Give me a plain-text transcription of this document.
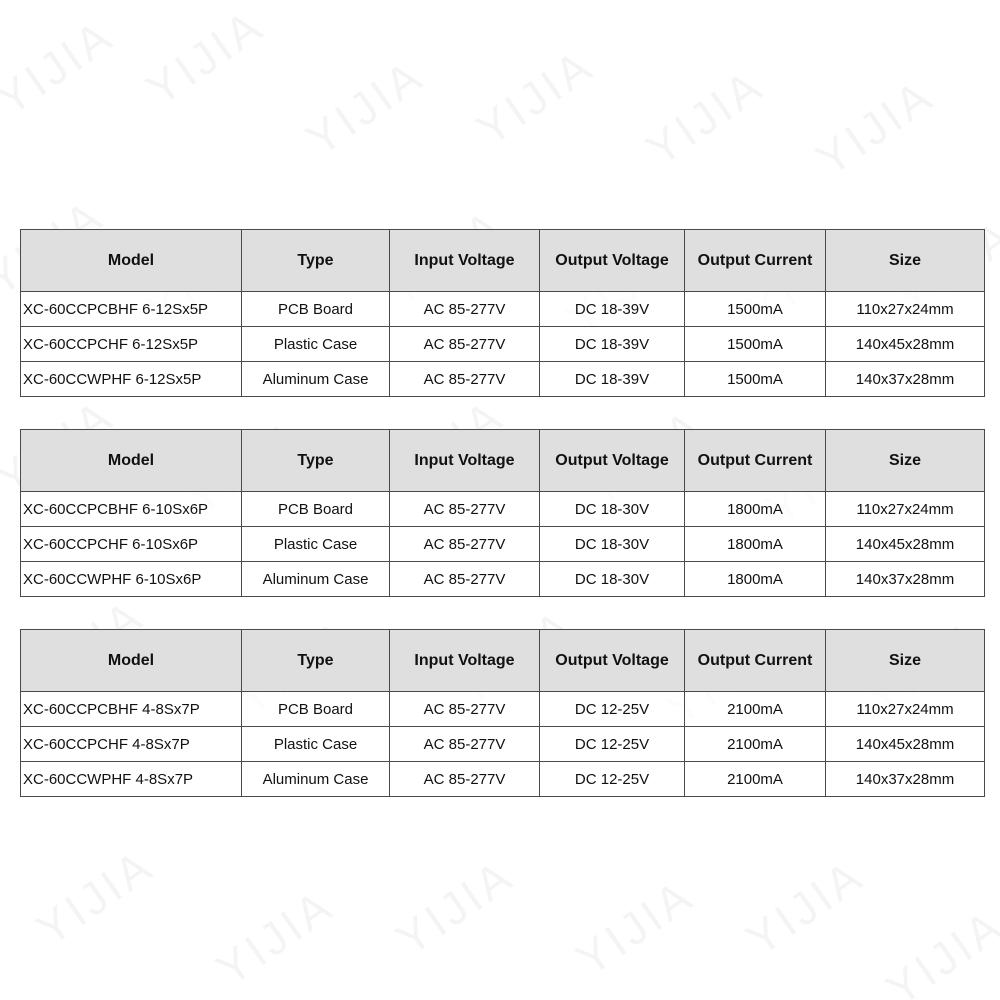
Model	Type	Input Voltage	Output Voltage	Output Current	Size
XC-60CCPCBHF 6-12Sx5P	PCB Board	AC 85-277V	DC 18-39V	1500mA	110x27x24mm
XC-60CCPCHF 6-12Sx5P	Plastic Case	AC 85-277V	DC 18-39V	1500mA	140x45x28mm
XC-60CCWPHF 6-12Sx5P	Aluminum Case	AC 85-277V	DC 18-39V	1500mA	140x37x28mm
Model	Type	Input Voltage	Output Voltage	Output Current	Size
XC-60CCPCBHF 6-10Sx6P	PCB Board	AC 85-277V	DC 18-30V	1800mA	110x27x24mm
XC-60CCPCHF 6-10Sx6P	Plastic Case	AC 85-277V	DC 18-30V	1800mA	140x45x28mm
XC-60CCWPHF 6-10Sx6P	Aluminum Case	AC 85-277V	DC 18-30V	1800mA	140x37x28mm
Model	Type	Input Voltage	Output Voltage	Output Current	Size
XC-60CCPCBHF 4-8Sx7P	PCB Board	AC 85-277V	DC 12-25V	2100mA	110x27x24mm
XC-60CCPCHF 4-8Sx7P	Plastic Case	AC 85-277V	DC 12-25V	2100mA	140x45x28mm
XC-60CCWPHF 4-8Sx7P	Aluminum Case	AC 85-277V	DC 12-25V	2100mA	140x37x28mm
